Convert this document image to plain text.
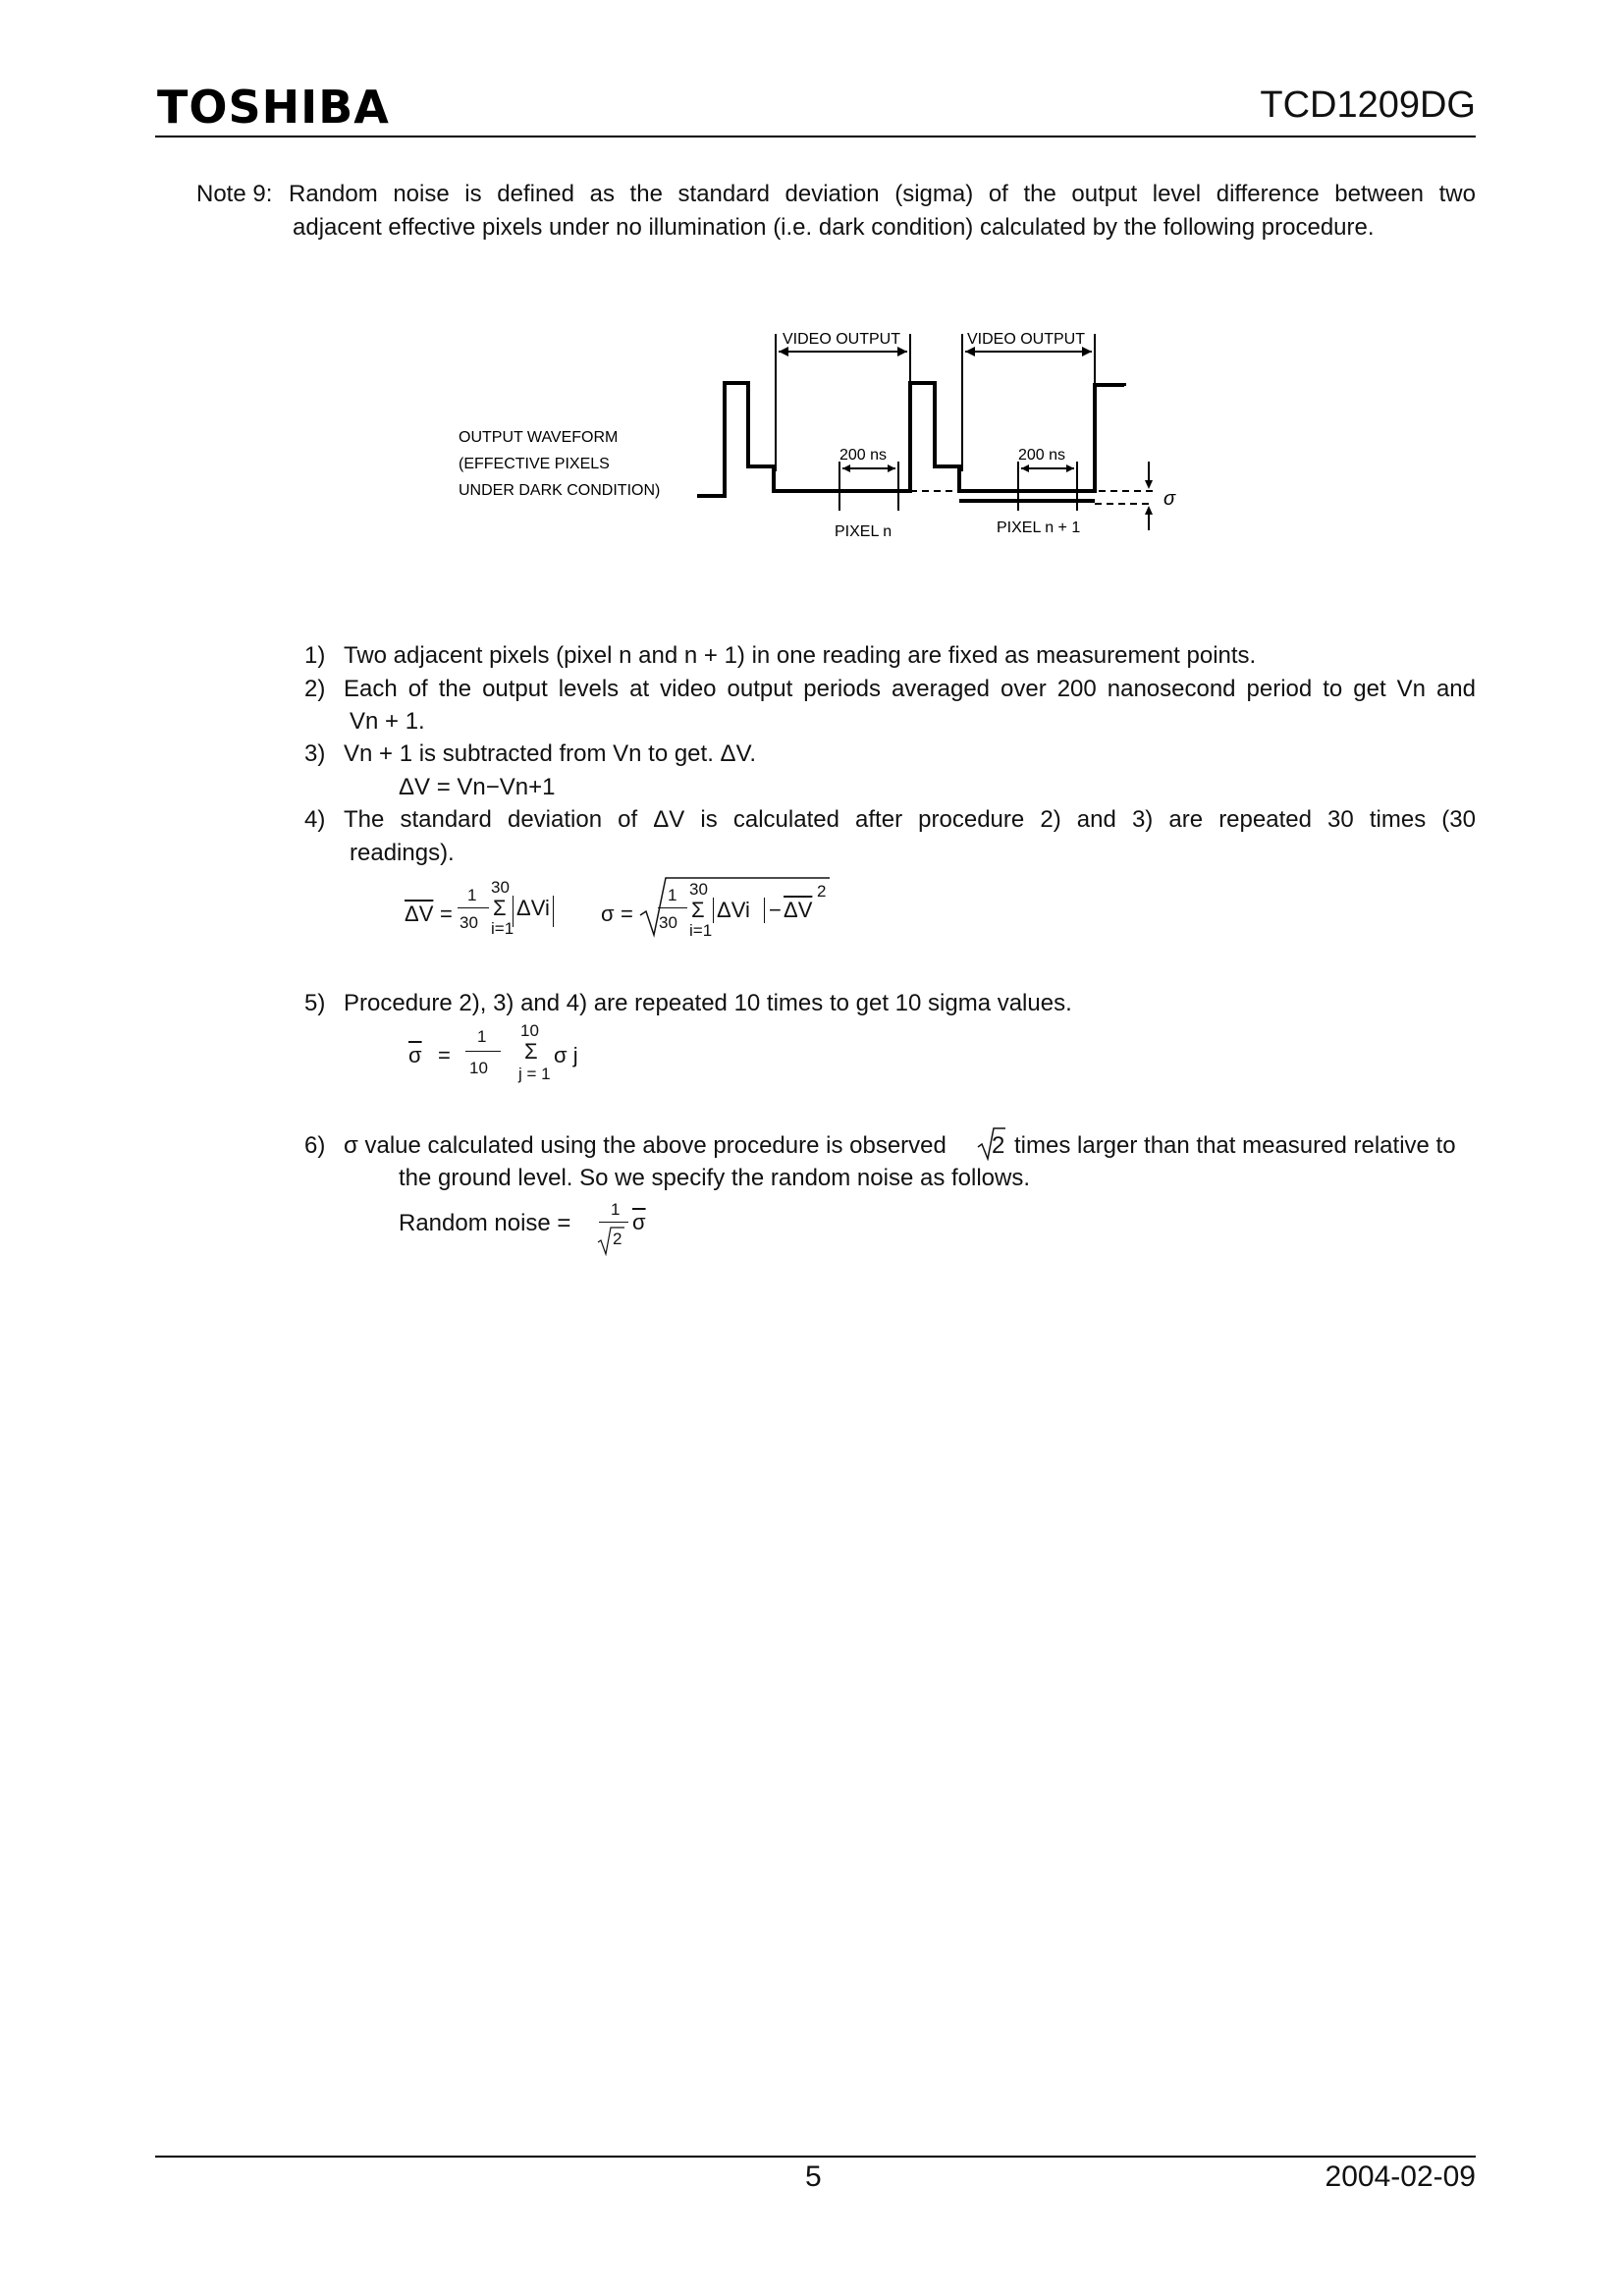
TOSHIBA	TCD1209DG
Note 9: Random noise is defined as the standard deviation (sigma) of the output level difference between two
adjacent effective pixels under no illumination (i.e. dark condition) calculated by the following procedure.
VIDEO OUTPUT	VIDEO OUTPUT
200 ns	200 ns
σ
OUTPUT WAVEFORM
(EFFECTIVE PIXELS
UNDER DARK CONDITION)
PIXEL n	PIXEL n + 1
1) Two adjacent pixels (pixel n and n + 1) in one reading are fixed as measurement points.
2) Each of the output levels at video output periods averaged over 200 nanosecond period to get Vn and
Vn + 1.
3) Vn + 1 is subtracted from Vn to get. ΔV.
ΔV = Vn−Vn+1
4) The standard deviation of ΔV is calculated after procedure 2) and 3) are repeated 30 times (30
readings).
$\overline{\Delta V}$ =
1
30
30
Σ
i=1
ΔVi σ =
1
30
30
Σ
i=1
$\Delta Vi - \overline{\Delta V}$
2
5) Procedure 2), 3) and 4) are repeated 10 times to get 10 sigma values.
$\overline{\sigma}$ =
1
10
10
Σ
j = 1
σ j
6) σ value calculated using the above procedure is observed 2 times larger than that measured relative to
the ground level. So we specify the random noise as follows.
Random noise =
1
2
$\overline{\sigma}$
5	2004-02-09
